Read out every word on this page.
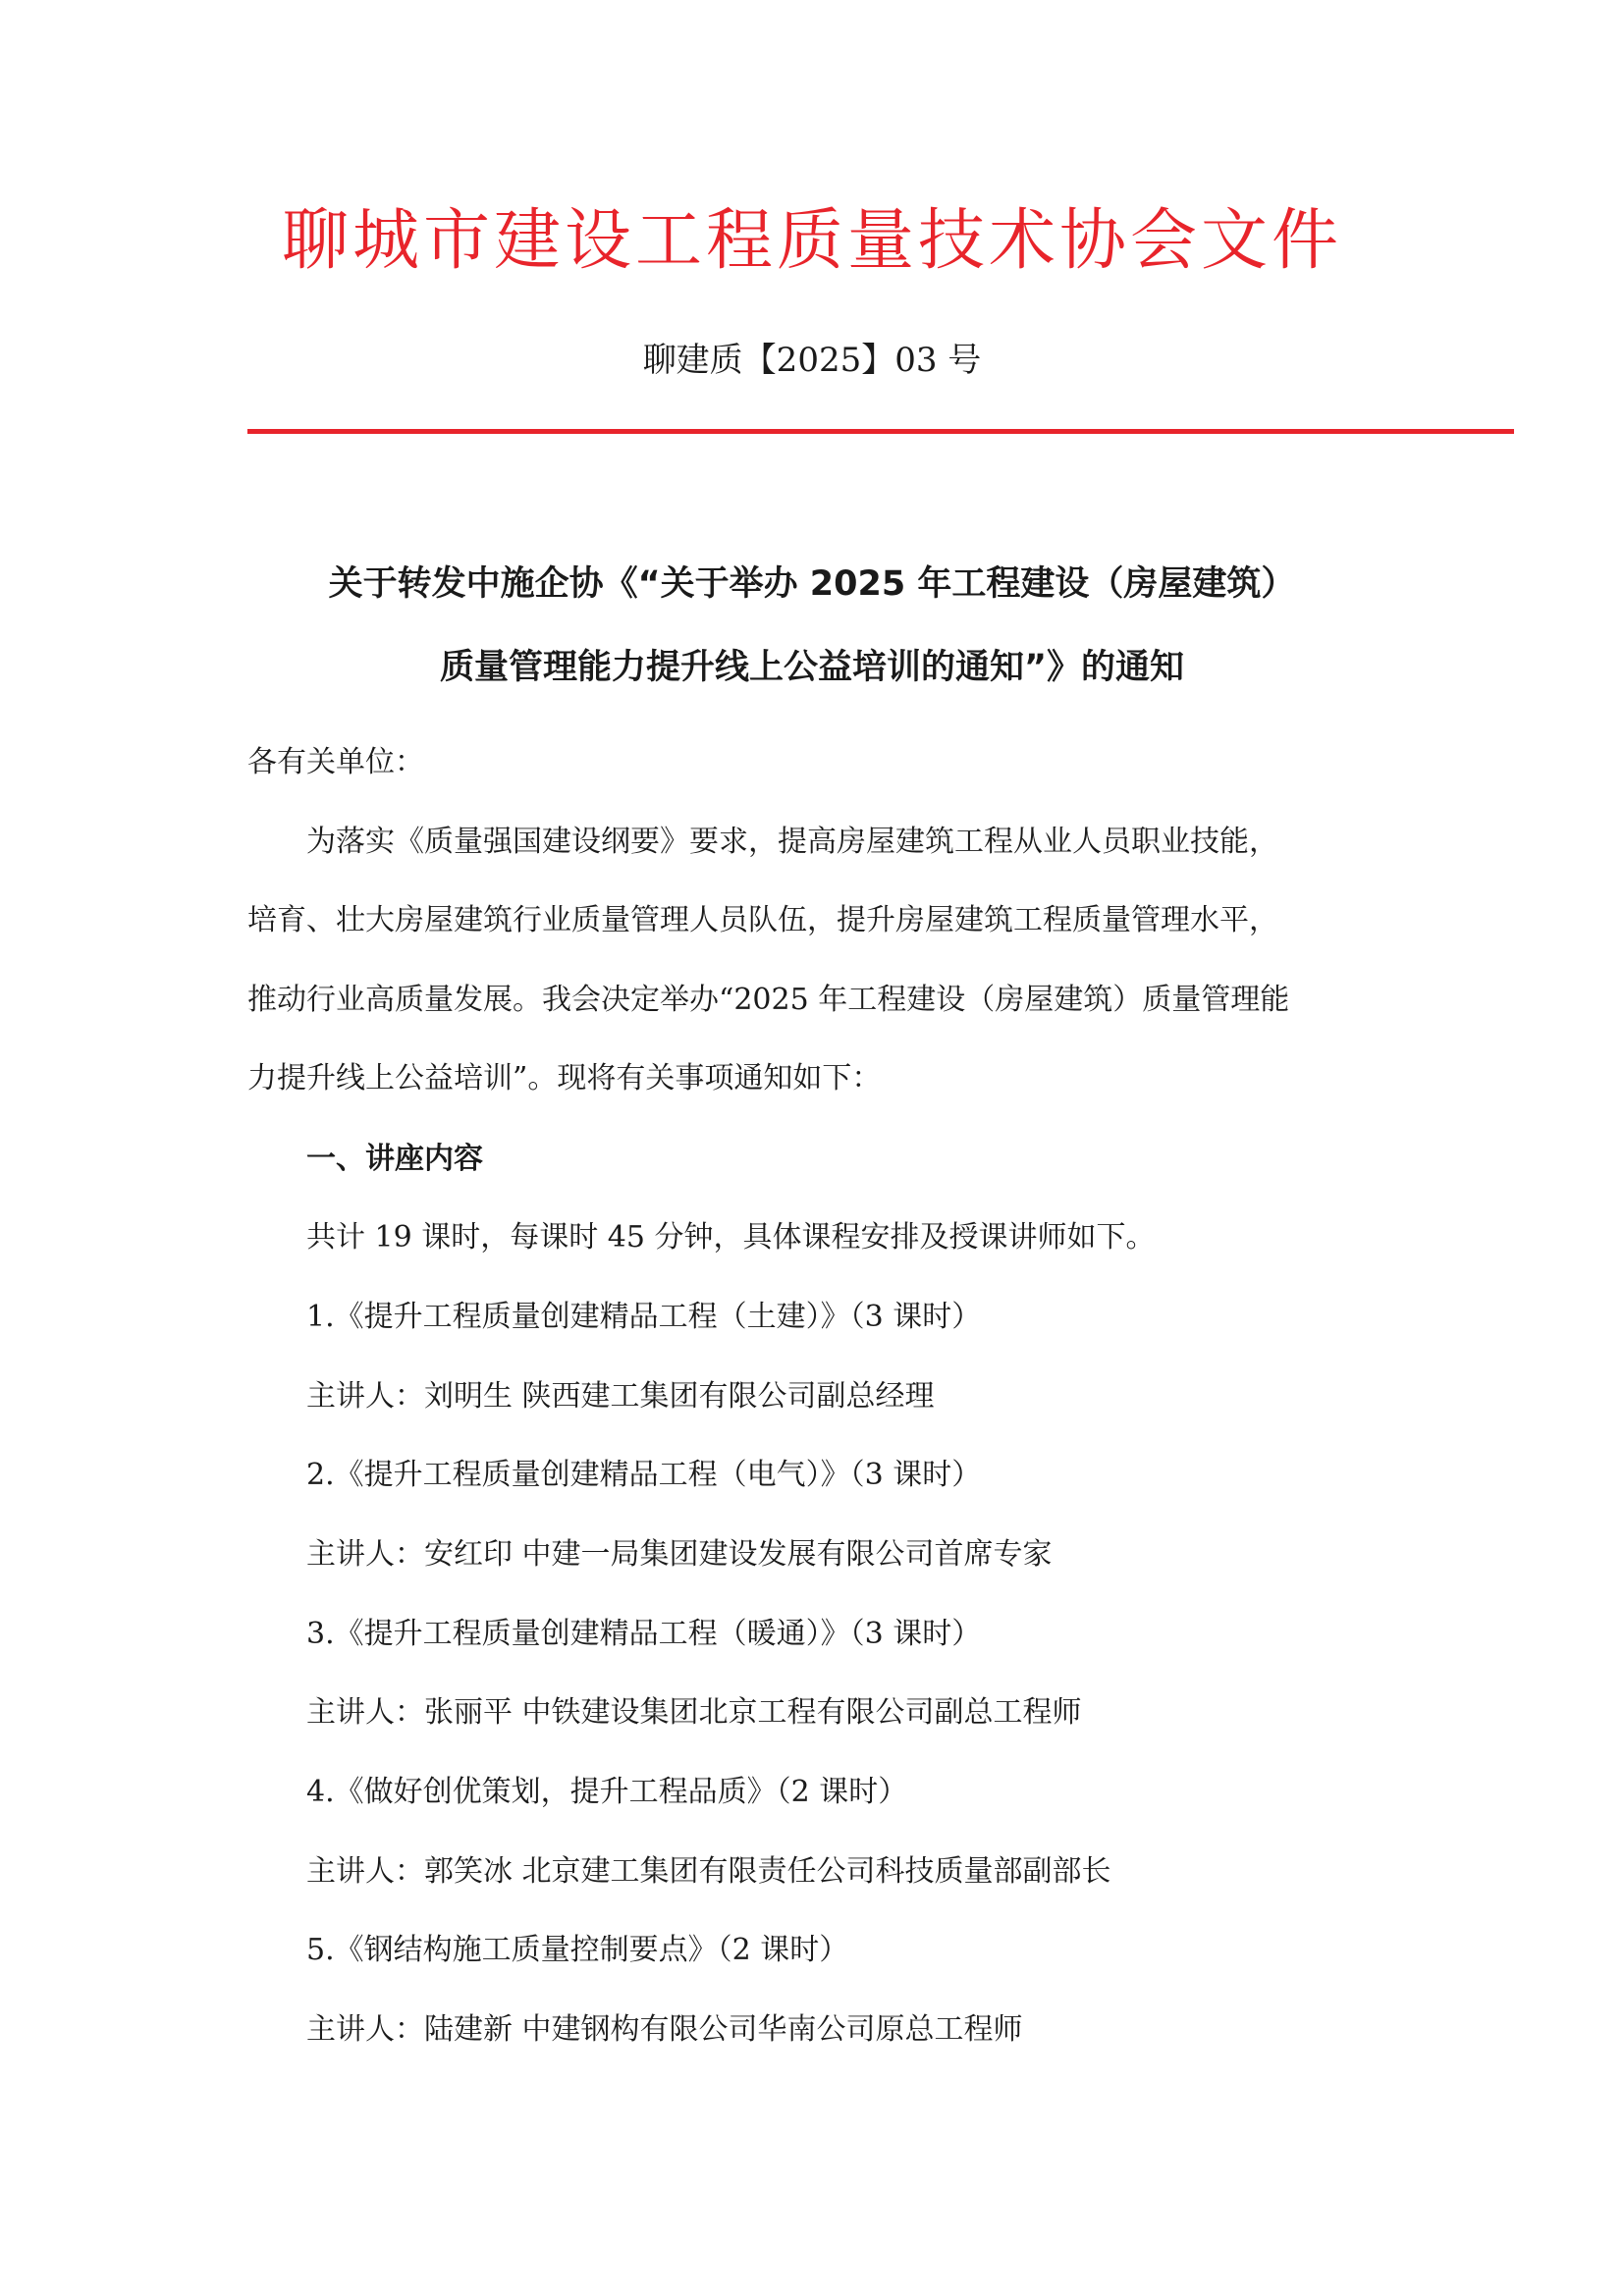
聊城市建设工程质量技术协会文件
聊建质【2025】03 号
关于转发中施企协《“关于举办 2025 年工程建设（房屋建筑）
质量管理能力提升线上公益培训的通知”》的通知
各有关单位：
为落实《质量强国建设纲要》要求，提高房屋建筑工程从业人员职业技能，
培育、壮大房屋建筑行业质量管理人员队伍，提升房屋建筑工程质量管理水平，
推动行业高质量发展。我会决定举办“2025 年工程建设（房屋建筑）质量管理能
力提升线上公益培训”。现将有关事项通知如下：
一、讲座内容
共计 19 课时，每课时 45 分钟，具体课程安排及授课讲师如下。
1.《提升工程质量创建精品工程（土建）》（3 课时）
主讲人：刘明生 陕西建工集团有限公司副总经理
2.《提升工程质量创建精品工程（电气）》（3 课时）
主讲人：安红印 中建一局集团建设发展有限公司首席专家
3.《提升工程质量创建精品工程（暖通）》（3 课时）
主讲人：张丽平 中铁建设集团北京工程有限公司副总工程师
4.《做好创优策划，提升工程品质》（2 课时）
主讲人：郭笑冰 北京建工集团有限责任公司科技质量部副部长
5.《钢结构施工质量控制要点》（2 课时）
主讲人：陆建新 中建钢构有限公司华南公司原总工程师
